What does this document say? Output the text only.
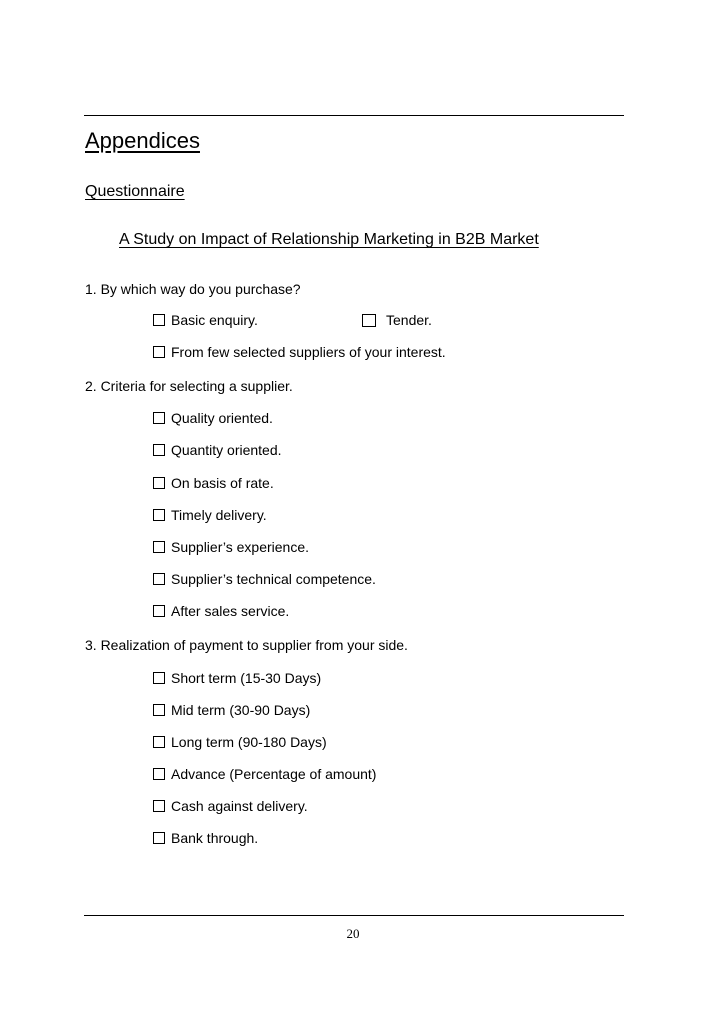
Appendices
Questionnaire
A Study on Impact of Relationship Marketing in B2B Market
1. By which way do you purchase?
Basic enquiry.	Tender.
From few selected suppliers of your interest.
2. Criteria for selecting a supplier.
Quality oriented.
Quantity oriented.
On basis of rate.
Timely delivery.
Supplier’s experience.
Supplier’s technical competence.
After sales service.
3. Realization of payment to supplier from your side.
Short term (15-30 Days)
Mid term (30-90 Days)
Long term (90-180 Days)
Advance (Percentage of amount)
Cash against delivery.
Bank through.
20
